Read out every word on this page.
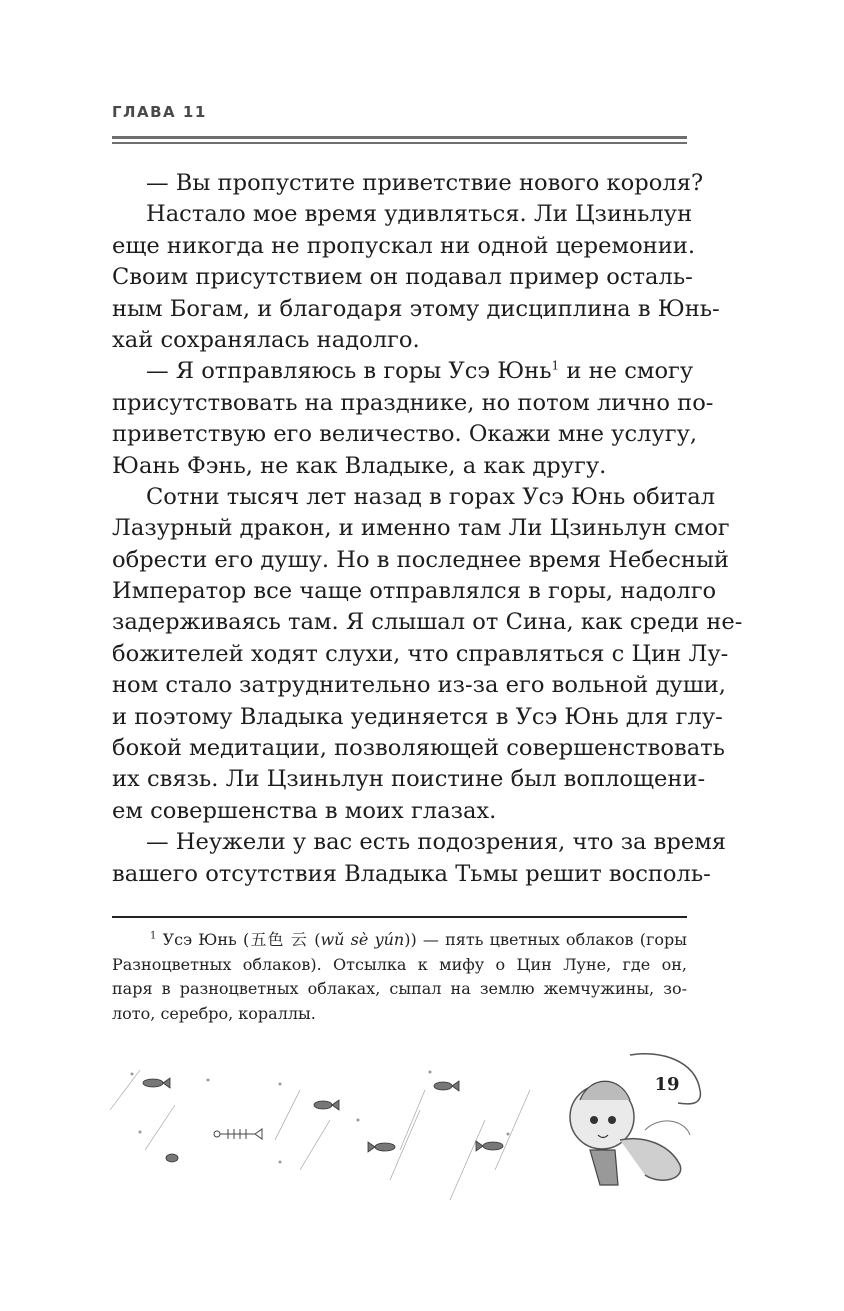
ГЛАВА 11
— Вы пропустите приветствие нового короля?
Настало мое время удивляться. Ли Цзиньлун
еще никогда не пропускал ни одной церемонии.
Своим присутствием он подавал пример осталь-
ным Богам, и благодаря этому дисциплина в Юнь-
хай сохранялась надолго.
— Я отправляюсь в горы Усэ Юнь$^1$ и не смогу
присутствовать на празднике, но потом лично по-
приветствую его величество. Окажи мне услугу,
Юань Фэнь, не как Владыке, а как другу.
Сотни тысяч лет назад в горах Усэ Юнь обитал
Лазурный дракон, и именно там Ли Цзиньлун смог
обрести его душу. Но в последнее время Небесный
Император все чаще отправлялся в горы, надолго
задерживаясь там. Я слышал от Сина, как среди не-
божителей ходят слухи, что справляться с Цин Лу-
ном стало затруднительно из-за его вольной души,
и поэтому Владыка уединяется в Усэ Юнь для глу-
бокой медитации, позволяющей совершенствовать
их связь. Ли Цзиньлун поистине был воплощени-
ем совершенства в моих глазах.
— Неужели у вас есть подозрения, что за время
вашего отсутствия Владыка Тьмы решит восполь-
$^1$ Усэ Юнь (五色 云 (wǔ sè yún)) — пять цветных облаков (горы
Разноцветных облаков). Отсылка к мифу о Цин Луне, где он,
паря в разноцветных облаках, сыпал на землю жемчужины, зо-
лото, серебро, кораллы.
19
